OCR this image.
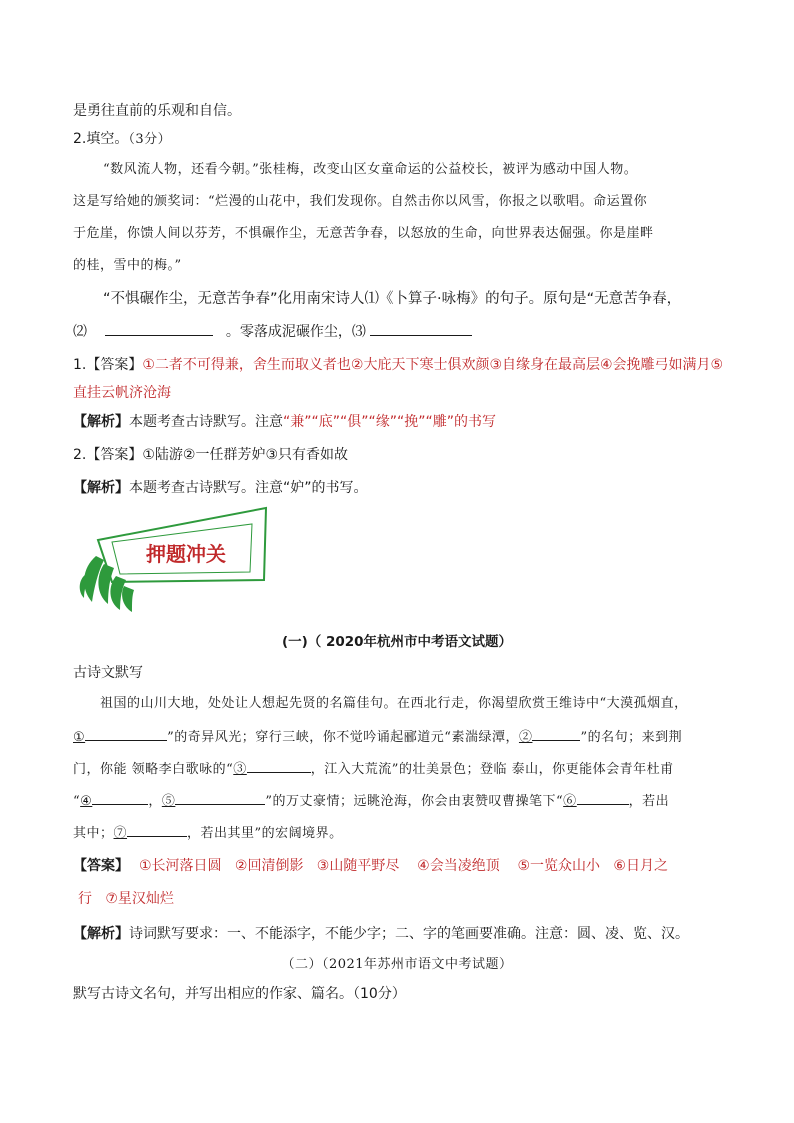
是勇往直前的乐观和自信。
2.填空。（3分）
“数风流人物，还看今朝。”张桂梅，改变山区女童命运的公益校长，被评为感动中国人物。
这是写给她的颁奖词：“烂漫的山花中，我们发现你。自然击你以风雪，你报之以歌唱。命运置你
于危崖，你馈人间以芬芳，不惧碾作尘，无意苦争春，以怒放的生命，向世界表达倔强。你是崖畔
的桂，雪中的梅。”
“不惧碾作尘，无意苦争春”化用南宋诗人⑴《卜算子·咏梅》的句子。原句是“无意苦争春，
⑵	。零落成泥碾作尘，⑶
1.【答案】①二者不可得兼，舍生而取义者也②大庇天下寒士俱欢颜③自缘身在最高层④会挽雕弓如满月⑤
直挂云帆济沧海
【解析】本题考查古诗默写。注意“兼”“底”“俱”“缘”“挽”“雕”的书写
2.【答案】①陆游②一任群芳妒③只有香如故
【解析】本题考查古诗默写。注意“妒”的书写。
押题冲关
(一)（ 2020年杭州市中考语文试题）
古诗文默写
祖国的山川大地，处处让人想起先贤的名篇佳句。在西北行走，你渴望欣赏王维诗中“大漠孤烟直，
①	”的奇异风光；穿行三峡，你不觉吟诵起郦道元“素湍绿潭，②	”的名句；来到荆
门，你能 领略李白歌咏的“③	，江入大荒流”的壮美景色；登临 泰山，你更能体会青年杜甫
“④	，⑤	”的万丈豪情；远眺沧海，你会由衷赞叹曹操笔下“⑥	，若出
其中；⑦	，若出其里”的宏阔境界。
【答案】 ①长河落日圆   ②回清倒影   ③山随平野尽    ④会当凌绝顶    ⑤一览众山小   ⑥日月之
行   ⑦星汉灿烂
【解析】诗词默写要求：一、不能添字，不能少字；二、字的笔画要准确。注意：圆、凌、览、汉。
（二）（2021年苏州市语文中考试题）
默写古诗文名句，并写出相应的作家、篇名。（10分）
